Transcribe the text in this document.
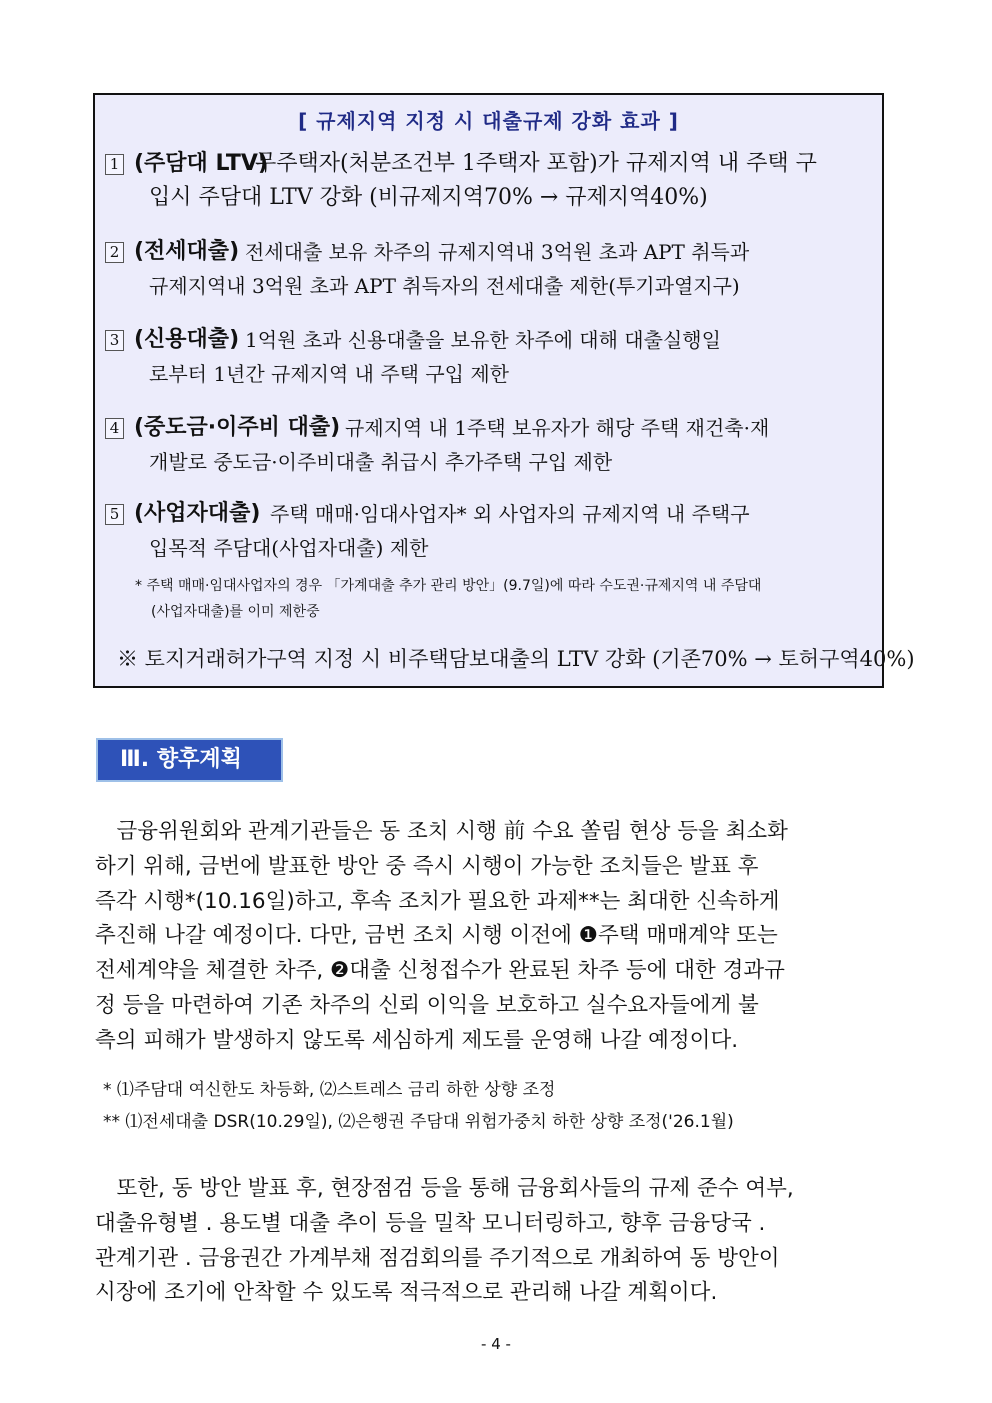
[ 규제지역 지정 시 대출규제 강화 효과 ]
1 (주담대 LTV)
무주택자(처분조건부 1주택자 포함)가 규제지역 내 주택 구
입시 주담대 LTV 강화 (비규제지역70% → 규제지역40%)
2 (전세대출) 전세대출 보유 차주의 규제지역내 3억원 초과 APT 취득과
규제지역내 3억원 초과 APT 취득자의 전세대출 제한(투기과열지구)
3 (신용대출) 1억원 초과 신용대출을 보유한 차주에 대해 대출실행일
로부터 1년간 규제지역 내 주택 구입 제한
4 (중도금·이주비 대출) 규제지역 내 1주택 보유자가 해당 주택 재건축·재
개발로 중도금·이주비대출 취급시 추가주택 구입 제한
5 (사업자대출) 주택 매매·임대사업자* 외 사업자의 규제지역 내 주택구
입목적 주담대(사업자대출) 제한
* 주택 매매·임대사업자의 경우 「가계대출 추가 관리 방안」(9.7일)에 따라 수도권·규제지역 내 주담대
(사업자대출)를 이미 제한중
※ 토지거래허가구역 지정 시 비주택담보대출의 LTV 강화 (기존70% → 토허구역40%)
Ⅲ. 향후계획
　금융위원회와 관계기관들은 동 조치 시행 前 수요 쏠림 현상 등을 최소화
하기 위해, 금번에 발표한 방안 중 즉시 시행이 가능한 조치들은 발표 후
즉각 시행*(10.16일)하고, 후속 조치가 필요한 과제**는 최대한 신속하게
추진해 나갈 예정이다. 다만, 금번 조치 시행 이전에 ❶주택 매매계약 또는
전세계약을 체결한 차주, ❷대출 신청접수가 완료된 차주 등에 대한 경과규
정 등을 마련하여 기존 차주의 신뢰 이익을 보호하고 실수요자들에게 불
측의 피해가 발생하지 않도록 세심하게 제도를 운영해 나갈 예정이다.
* ⑴주담대 여신한도 차등화, ⑵스트레스 금리 하한 상향 조정
** ⑴전세대출 DSR(10.29일), ⑵은행권 주담대 위험가중치 하한 상향 조정('26.1월)
　또한, 동 방안 발표 후, 현장점검 등을 통해 금융회사들의 규제 준수 여부,
대출유형별 . 용도별 대출 추이 등을 밀착 모니터링하고, 향후 금융당국 .
관계기관 . 금융권간 가계부채 점검회의를 주기적으로 개최하여 동 방안이
시장에 조기에 안착할 수 있도록 적극적으로 관리해 나갈 계획이다.
- 4 -
